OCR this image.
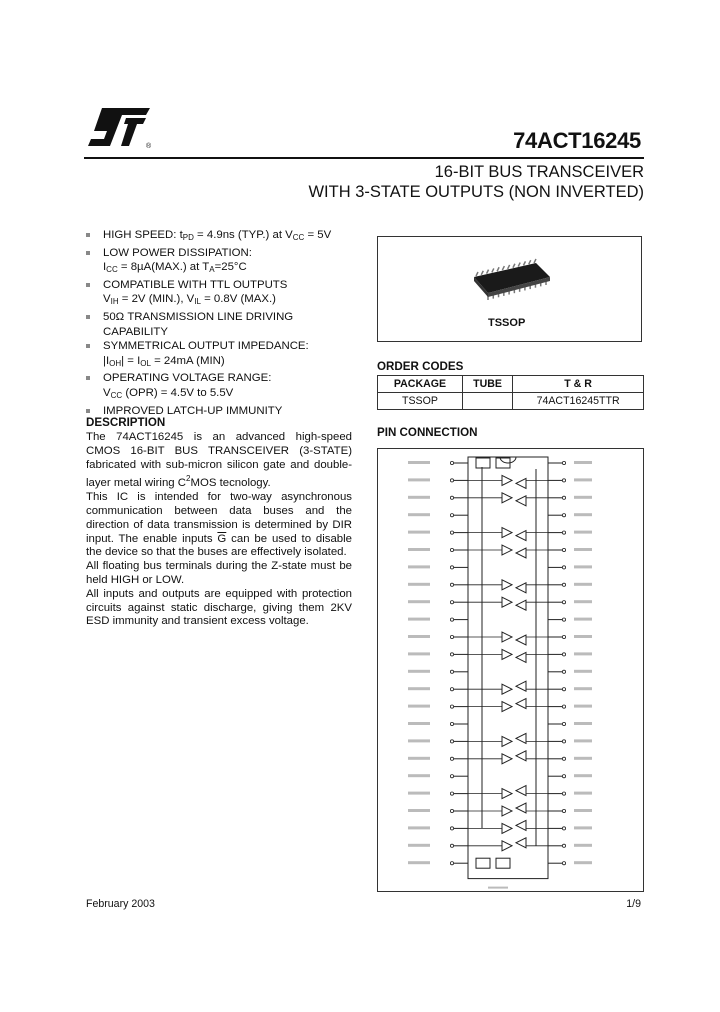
®	74ACT16245
16-BIT BUS TRANSCEIVER
WITH 3-STATE OUTPUTS (NON INVERTED)
HIGH SPEED: $t_{PD} = 4.9ns$ (TYP.) at $V_{CC} = 5V$
LOW POWER DISSIPATION:
$I_{CC} = 8\mu A(MAX.)$ at $T_A=25^\circ C$
COMPATIBLE WITH TTL OUTPUTS
$V_{IH} = 2V$ (MIN.), $V_{IL} = 0.8V$ (MAX.)
50Ω TRANSMISSION LINE DRIVING
CAPABILITY
SYMMETRICAL OUTPUT IMPEDANCE:
$|I_{OH}| = I_{OL} = 24mA$ (MIN)
OPERATING VOLTAGE RANGE:
$V_{CC}$ (OPR) = 4.5V to 5.5V
IMPROVED LATCH-UP IMMUNITY
DESCRIPTION

The 74ACT16245 is an advanced high-speed CMOS 16-BIT BUS TRANSCEIVER (3-STATE) fabricated with sub-micron silicon gate and double-layer metal wiring $C^2MOS$ tecnology.

This IC is intended for two-way asynchronous communication between data buses and the direction of data transmission is determined by DIR input. The enable inputs $\overline{G}$ can be used to disable the device so that the buses are effectively isolated.

All floating bus terminals during the Z-state must be held HIGH or LOW.

All inputs and outputs are equipped with protection circuits against static discharge, giving them 2KV ESD immunity and transient excess voltage.

TSSOP
ORDER CODES
PACKAGE	TUBE	T & R
TSSOP		74ACT16245TTR
PIN CONNECTION
February 2003	1/9
